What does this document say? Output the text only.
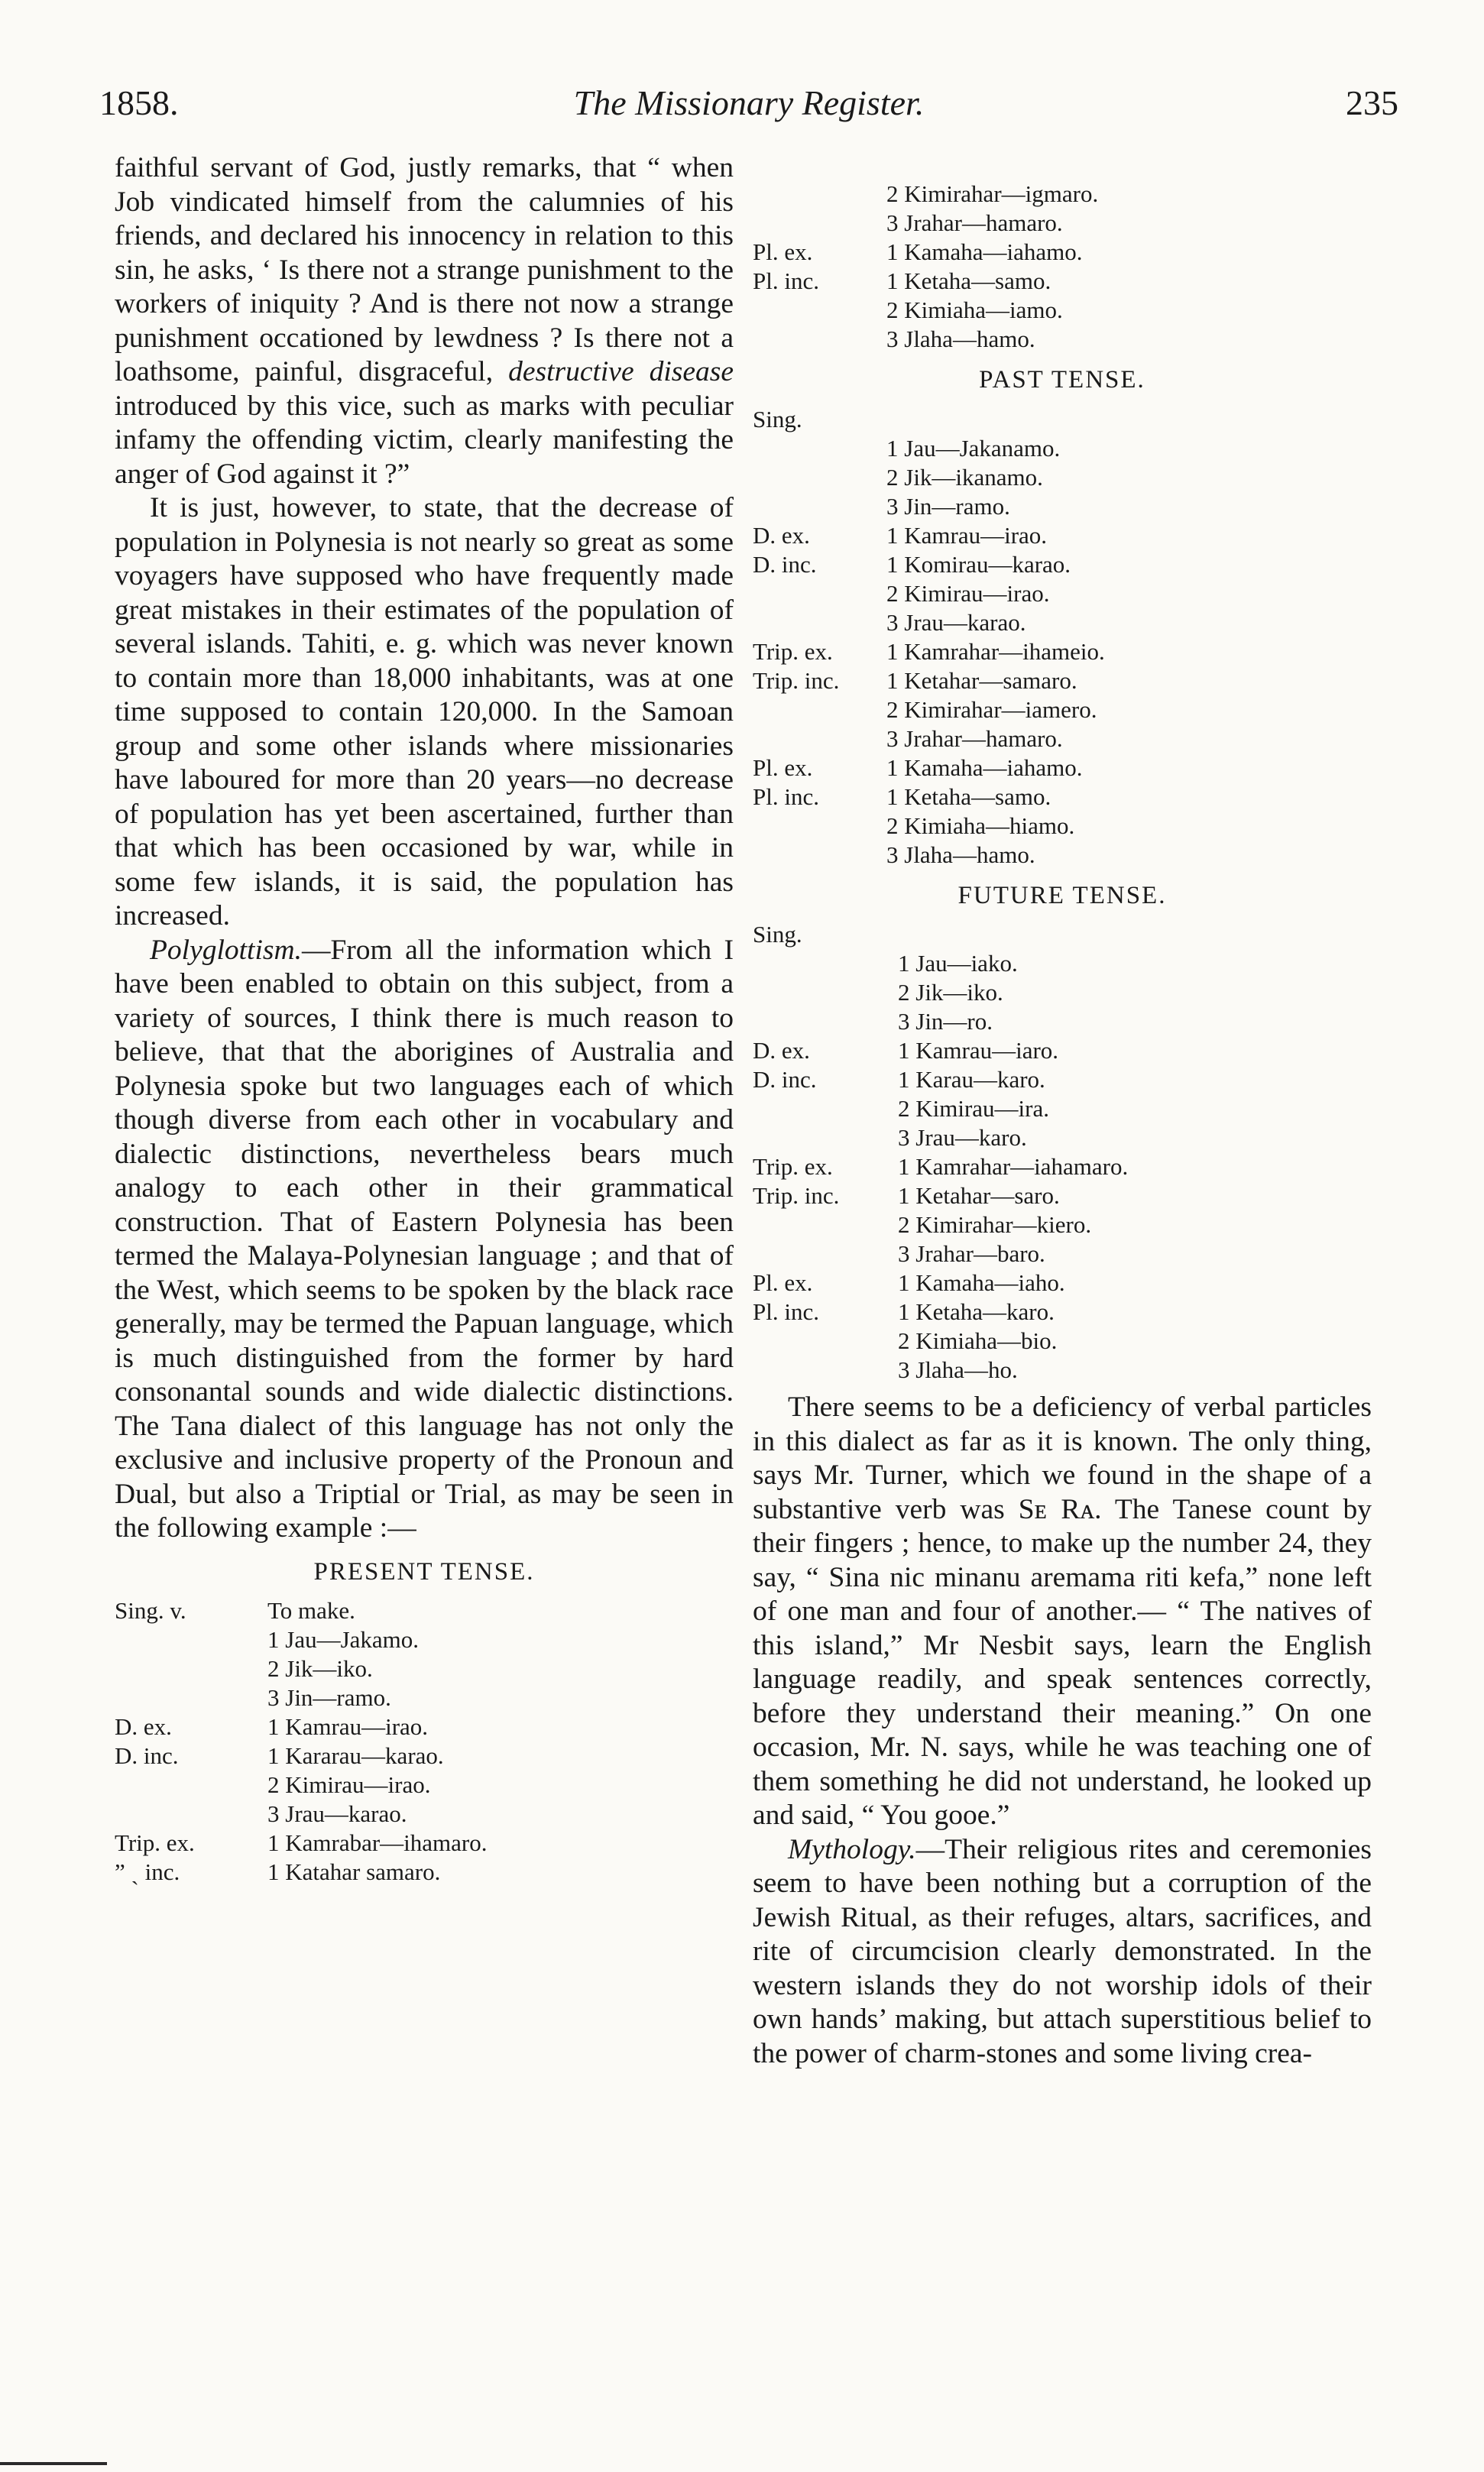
1858.	The Missionary Register.	235

faithful servant of God, justly remarks, that “ when Job vindicated himself from the calumnies of his friends, and declared his innocency in relation to this sin, he asks, ‘ Is there not a strange punishment to the workers of iniquity ? And is there not now a strange punishment occationed by lewdness ? Is there not a loathsome, painful, disgraceful, destructive disease introduced by this vice, such as marks with peculiar infamy the offending victim, clearly manifesting the anger of God against it ?”

It is just, however, to state, that the decrease of population in Polynesia is not nearly so great as some voyagers have supposed who have frequently made great mistakes in their estimates of the population of several islands. Tahiti, e. g. which was never known to contain more than 18,000 inhabitants, was at one time supposed to contain 120,000. In the Samoan group and some other islands where missionaries have laboured for more than 20 years—no decrease of population has yet been ascertained, further than that which has been occasioned by war, while in some few islands, it is said, the population has increased.

Polyglottism.—From all the information which I have been enabled to obtain on this subject, from a variety of sources, I think there is much reason to believe, that that the aborigines of Australia and Polynesia spoke but two languages each of which though diverse from each other in vocabulary and dialectic distinctions, nevertheless bears much analogy to each other in their grammatical construction. That of Eastern Polynesia has been termed the Malaya-Polynesian language ; and that of the West, which seems to be spoken by the black race generally, may be termed the Papuan language, which is much distinguished from the former by hard consonantal sounds and wide dialectic distinctions. The Tana dialect of this language has not only the exclusive and inclusive property of the Pronoun and Dual, but also a Triptial or Trial, as may be seen in the following example :—

PRESENT TENSE.
Sing. v.	To make.
1 Jau—Jakamo.
2 Jik—iko.
3 Jin—ramo.
D. ex.	1 Kamrau—irao.
D. inc.	1 Kararau—karao.
2 Kimirau—irao.
3 Jrau—karao.
Trip. ex.	1 Kamrabar—ihamaro.
” ˏ inc.	1 Katahar samaro.
2 Kimirahar—igmaro.
3 Jrahar—hamaro.
Pl. ex.	1 Kamaha—iahamo.
Pl. inc.	1 Ketaha—samo.
2 Kimiaha—iamo.
3 Jlaha—hamo.
PAST TENSE.
Sing.
1 Jau—Jakanamo.
2 Jik—ikanamo.
3 Jin—ramo.
D. ex.	1 Kamrau—irao.
D. inc.	1 Komirau—karao.
2 Kimirau—irao.
3 Jrau—karao.
Trip. ex.	1 Kamrahar—ihameio.
Trip. inc.	1 Ketahar—samaro.
2 Kimirahar—iamero.
3 Jrahar—hamaro.
Pl. ex.	1 Kamaha—iahamo.
Pl. inc.	1 Ketaha—samo.
2 Kimiaha—hiamo.
3 Jlaha—hamo.
FUTURE TENSE.
Sing.
1 Jau—iako.
2 Jik—iko.
3 Jin—ro.
D. ex.	1 Kamrau—iaro.
D. inc.	1 Karau—karo.
2 Kimirau—ira.
3 Jrau—karo.
Trip. ex.	1 Kamrahar—iahamaro.
Trip. inc.	1 Ketahar—saro.
2 Kimirahar—kiero.
3 Jrahar—baro.
Pl. ex.	1 Kamaha—iaho.
Pl. inc.	1 Ketaha—karo.
2 Kimiaha—bio.
3 Jlaha—ho.

There seems to be a deficiency of verbal particles in this dialect as far as it is known. The only thing, says Mr. Turner, which we found in the shape of a substantive verb was Sᴇ Rᴀ. The Tanese count by their fingers ; hence, to make up the number 24, they say, “ Sina nic minanu aremama riti kefa,” none left of one man and four of another.— “ The natives of this island,” Mr Nesbit says, learn the English language readily, and speak sentences correctly, before they understand their meaning.” On one occasion, Mr. N. says, while he was teaching one of them something he did not understand, he looked up and said, “ You gooe.”

Mythology.—Their religious rites and ceremonies seem to have been nothing but a corruption of the Jewish Ritual, as their refuges, altars, sacrifices, and rite of circumcision clearly demonstrated. In the western islands they do not worship idols of their own hands’ making, but attach superstitious belief to the power of charm-stones and some living crea-
